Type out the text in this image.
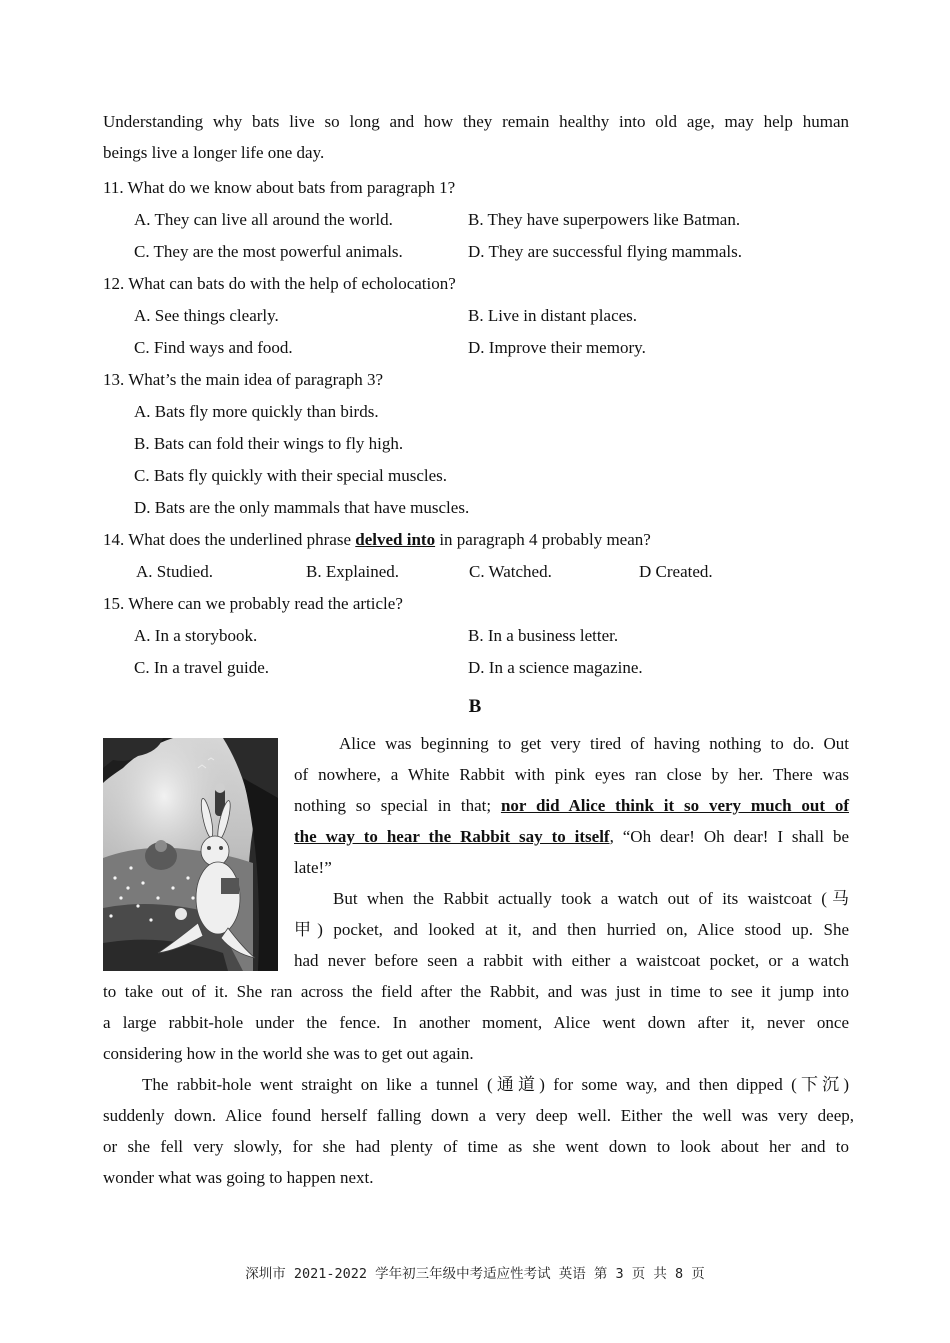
Understanding why bats live so long and how they remain healthy into old age, may help human
beings live a longer life one day.
11. What do we know about bats from paragraph 1?
A. They can live all around the world.	B. They have superpowers like Batman.
C. They are the most powerful animals.	D. They are successful flying mammals.
12. What can bats do with the help of echolocation?
A. See things clearly.	B. Live in distant places.
C. Find ways and food.	D. Improve their memory.
13. What’s the main idea of paragraph 3?
A. Bats fly more quickly than birds.
B. Bats can fold their wings to fly high.
C. Bats fly quickly with their special muscles.
D. Bats are the only mammals that have muscles.
14. What does the underlined phrase delved into in paragraph 4 probably mean?
A. Studied.	B. Explained.	C. Watched.	D Created.
15. Where can we probably read the article?
A. In a storybook.	B. In a business letter.
C. In a travel guide.	D. In a science magazine.
B
Alice was beginning to get very tired of having nothing to do. Out
of nowhere, a White Rabbit with pink eyes ran close by her. There was
nothing so special in that; nor did Alice think it so very much out of
the way to hear the Rabbit say to itself, “Oh dear! Oh dear! I shall be
late!”
But when the Rabbit actually took a watch out of its waistcoat (马
甲) pocket, and looked at it, and then hurried on, Alice stood up. She
had never before seen a rabbit with either a waistcoat pocket, or a watch
to take out of it. She ran across the field after the Rabbit, and was just in time to see it jump into
a large rabbit-hole under the fence. In another moment, Alice went down after it, never once
considering how in the world she was to get out again.
The rabbit-hole went straight on like a tunnel (通道) for some way, and then dipped (下沉)
suddenly down. Alice found herself falling down a very deep well. Either the well was very deep,
or she fell very slowly, for she had plenty of time as she went down to look about her and to
wonder what was going to happen next.
深圳市 2021-2022 学年初三年级中考适应性考试 英语 第 3 页 共 8 页
